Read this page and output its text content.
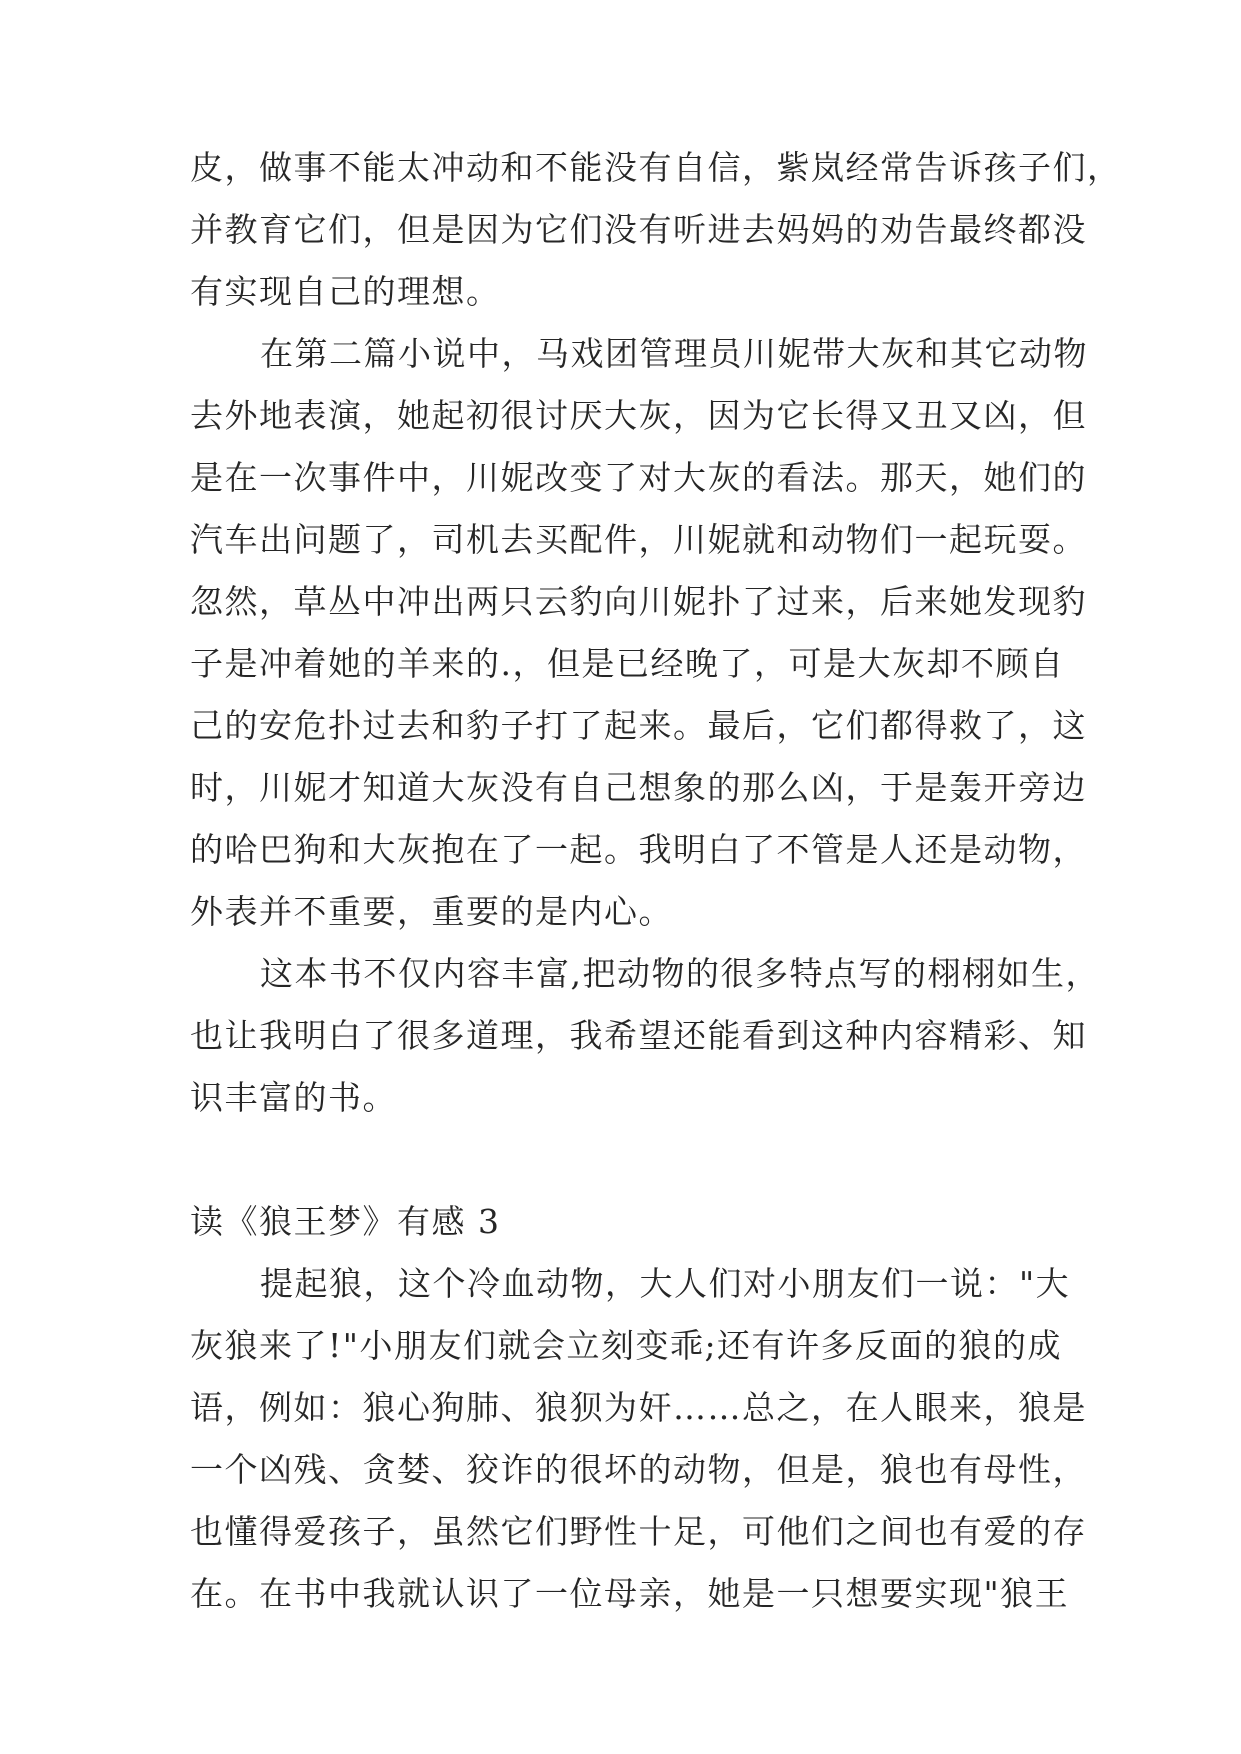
皮，做事不能太冲动和不能没有自信，紫岚经常告诉孩子们，
并教育它们，但是因为它们没有听进去妈妈的劝告最终都没
有实现自己的理想。
在第二篇小说中，马戏团管理员川妮带大灰和其它动物
去外地表演，她起初很讨厌大灰，因为它长得又丑又凶，但
是在一次事件中，川妮改变了对大灰的看法。那天，她们的
汽车出问题了，司机去买配件，川妮就和动物们一起玩耍。
忽然，草丛中冲出两只云豹向川妮扑了过来，后来她发现豹
子是冲着她的羊来的.，但是已经晚了，可是大灰却不顾自
己的安危扑过去和豹子打了起来。最后，它们都得救了，这
时，川妮才知道大灰没有自己想象的那么凶，于是轰开旁边
的哈巴狗和大灰抱在了一起。我明白了不管是人还是动物，
外表并不重要，重要的是内心。
这本书不仅内容丰富,把动物的很多特点写的栩栩如生，
也让我明白了很多道理，我希望还能看到这种内容精彩、知
识丰富的书。
读《狼王梦》有感 3
提起狼，这个冷血动物，大人们对小朋友们一说："大
灰狼来了!"小朋友们就会立刻变乖;还有许多反面的狼的成
语，例如：狼心狗肺、狼狈为奸……总之，在人眼来，狼是
一个凶残、贪婪、狡诈的很坏的动物，但是，狼也有母性，
也懂得爱孩子，虽然它们野性十足，可他们之间也有爱的存
在。在书中我就认识了一位母亲，她是一只想要实现"狼王
